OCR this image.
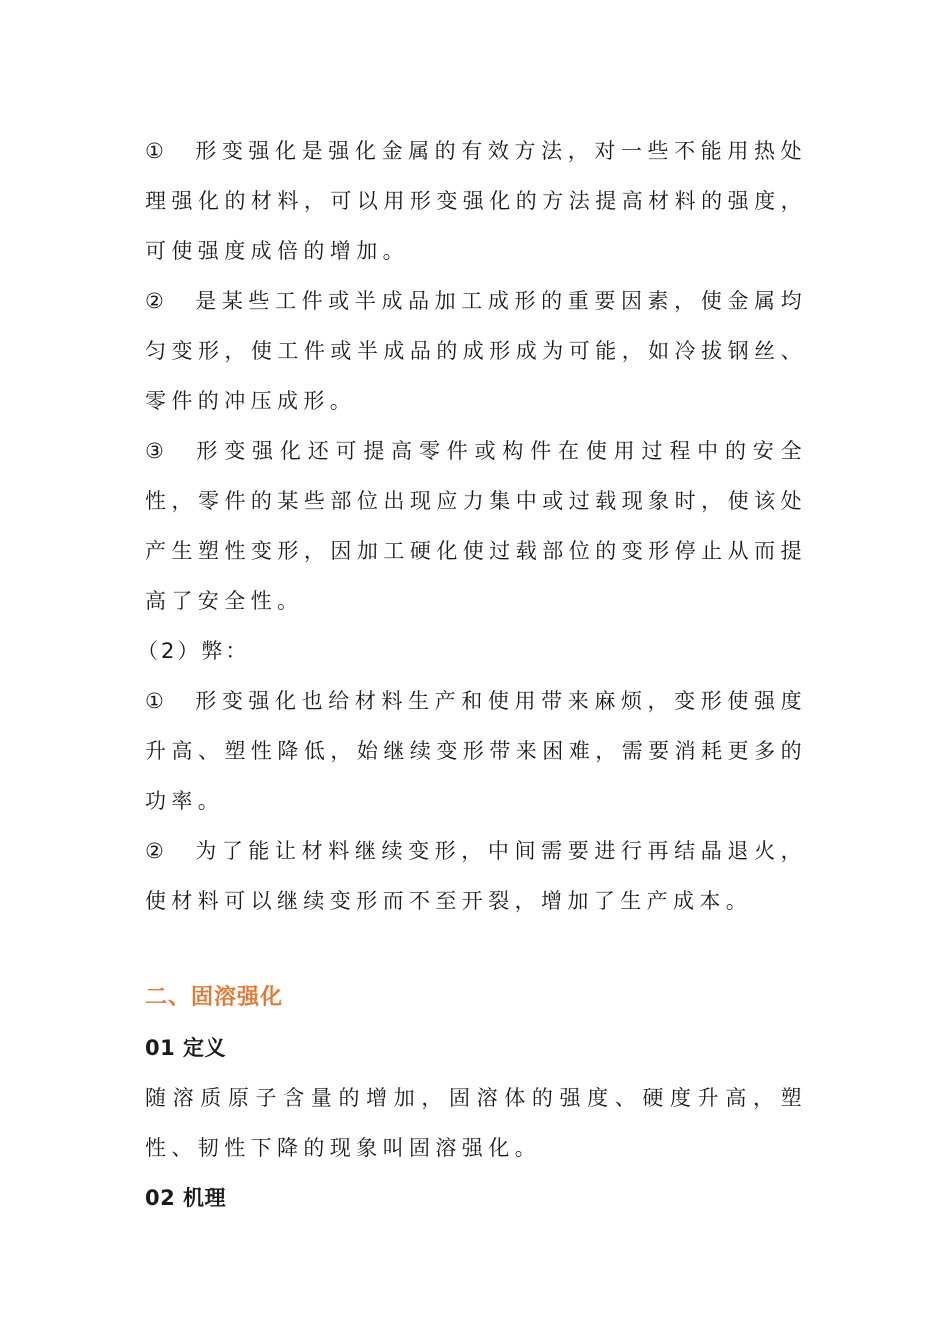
① 形变强化是强化金属的有效方法，对一些不能用热处理强化的材料，可以用形变强化的方法提高材料的强度，可使强度成倍的增加。

② 是某些工件或半成品加工成形的重要因素，使金属均匀变形，使工件或半成品的成形成为可能，如冷拔钢丝、零件的冲压成形。

③ 形变强化还可提高零件或构件在使用过程中的安全性，零件的某些部位出现应力集中或过载现象时，使该处产生塑性变形，因加工硬化使过载部位的变形停止从而提高了安全性。

（2）弊：

① 形变强化也给材料生产和使用带来麻烦，变形使强度升高、塑性降低，始继续变形带来困难，需要消耗更多的功率。

② 为了能让材料继续变形，中间需要进行再结晶退火，使材料可以继续变形而不至开裂，增加了生产成本。

二、固溶强化
01 定义

随溶质原子含量的增加，固溶体的强度、硬度升高，塑性、韧性下降的现象叫固溶强化。

02 机理
